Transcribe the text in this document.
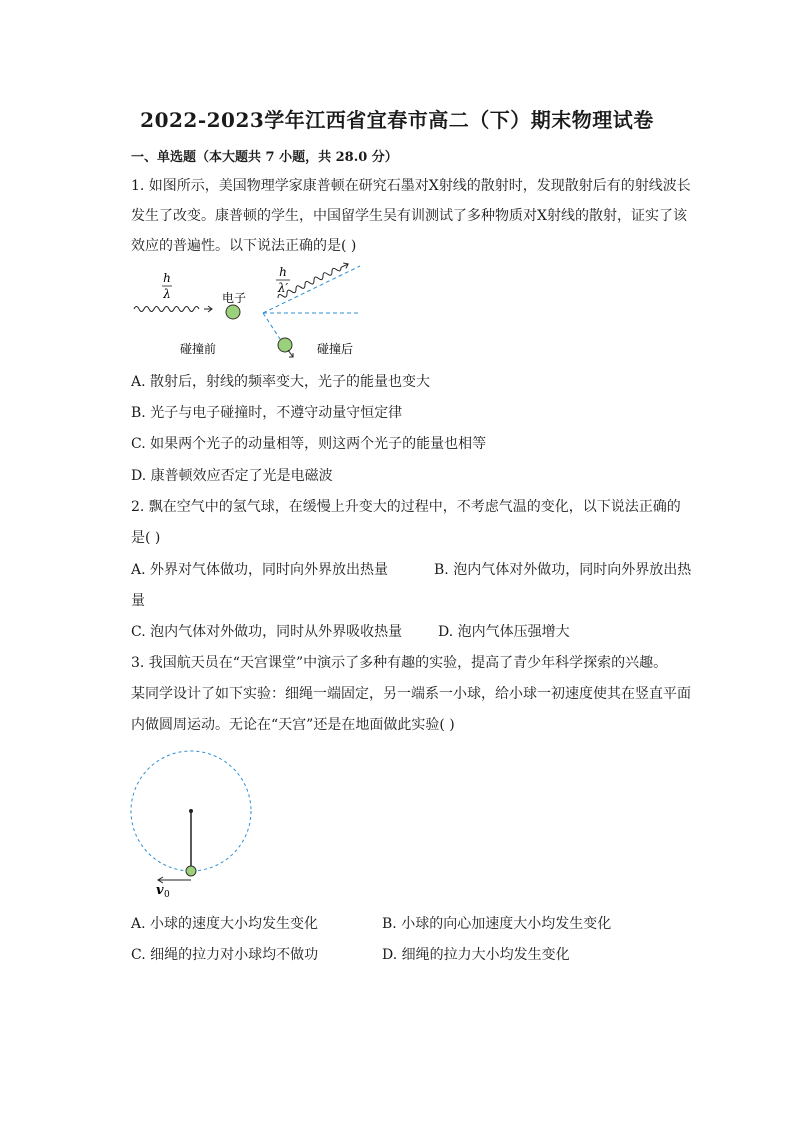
2022-2023学年江西省宜春市高二（下）期末物理试卷
一、单选题（本大题共 7 小题，共 28.0 分）
1. 如图所示，美国物理学家康普顿在研究石墨对X射线的散射时，发现散射后有的射线波长
发生了改变。康普顿的学生，中国留学生吴有训测试了多种物质对X射线的散射，证实了该
效应的普遍性。以下说法正确的是( )
h
λ	电子
h
λ′
碰撞前	碰撞后
A. 散射后，射线的频率变大，光子的能量也变大
B. 光子与电子碰撞时，不遵守动量守恒定律
C. 如果两个光子的动量相等，则这两个光子的能量也相等
D. 康普顿效应否定了光是电磁波
2. 飘在空气中的氢气球，在缓慢上升变大的过程中，不考虑气温的变化，以下说法正确的
是( )
A. 外界对气体做功，同时向外界放出热量	B. 泡内气体对外做功，同时向外界放出热
量
C. 泡内气体对外做功，同时从外界吸收热量	D. 泡内气体压强增大
3. 我国航天员在“天宫课堂”中演示了多种有趣的实验，提高了青少年科学探索的兴趣。
某同学设计了如下实验：细绳一端固定，另一端系一小球，给小球一初速度使其在竖直平面
内做圆周运动。无论在“天宫”还是在地面做此实验( )
v 0
A. 小球的速度大小均发生变化	B. 小球的向心加速度大小均发生变化
C. 细绳的拉力对小球均不做功	D. 细绳的拉力大小均发生变化
